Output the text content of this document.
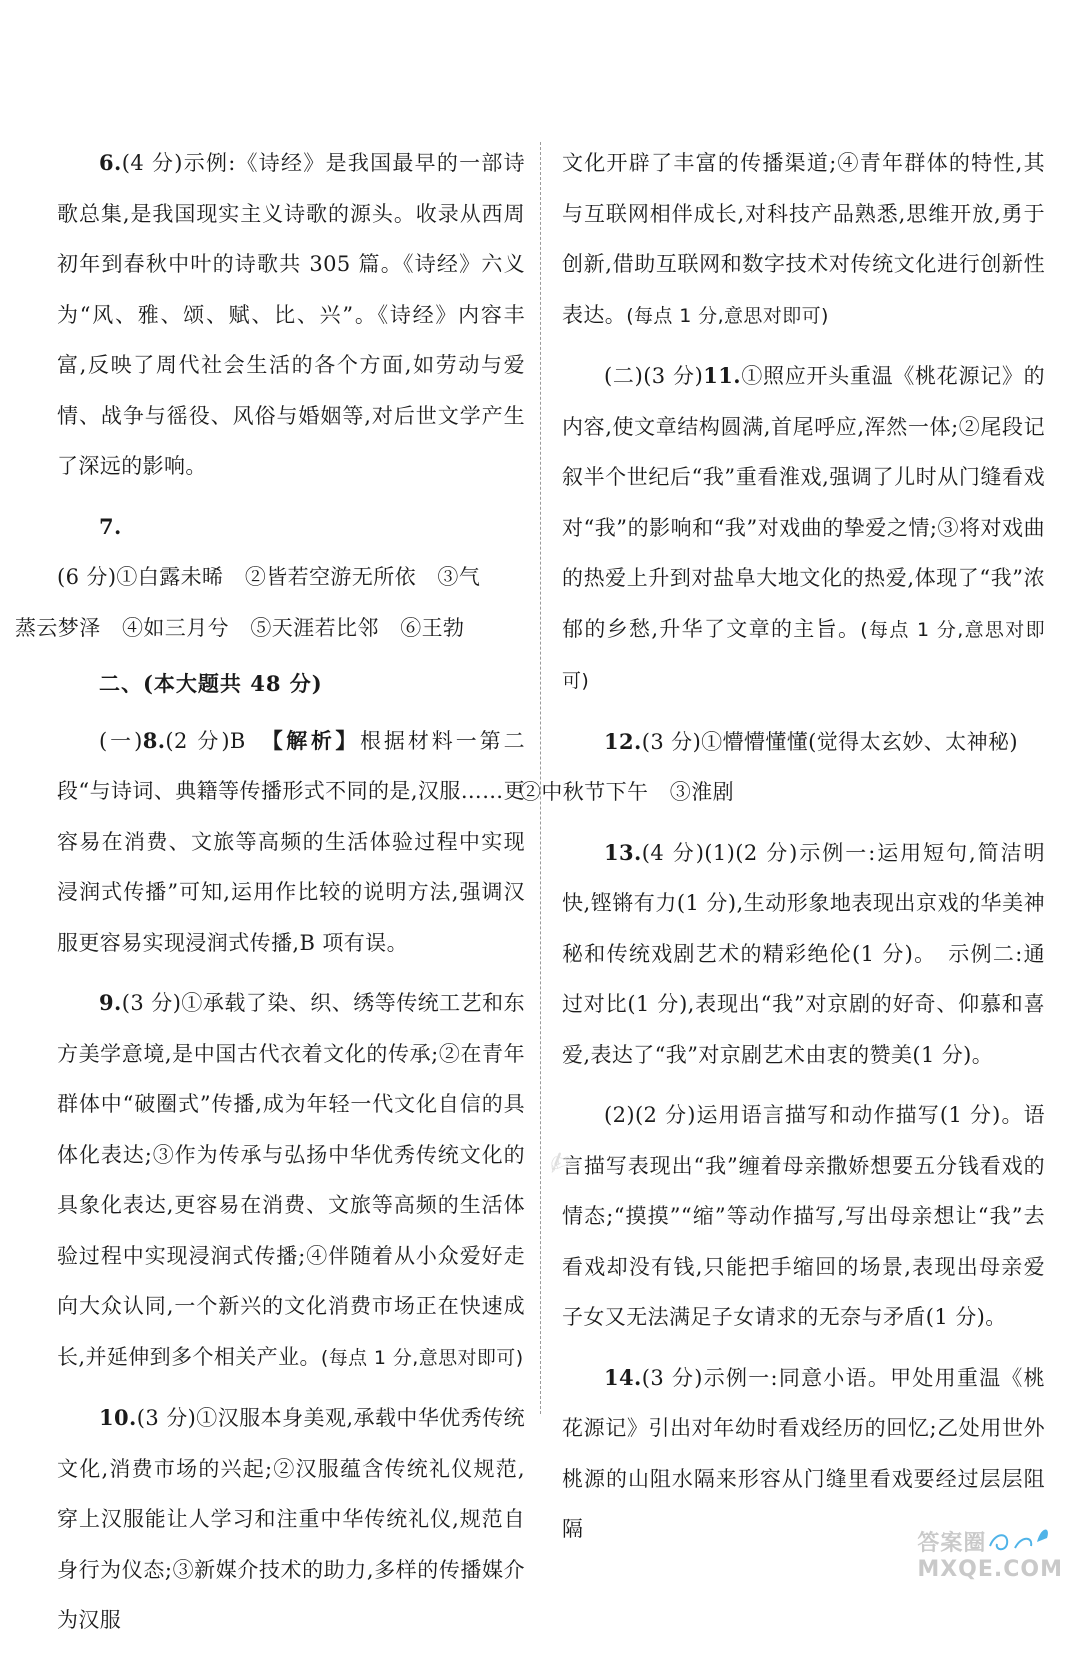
6.(4 分)示例:《诗经》是我国最早的一部诗歌总集,是我国现实主义诗歌的源头。收录从西周初年到春秋中叶的诗歌共 305 篇。《诗经》六义为“风、雅、颂、赋、比、兴”。《诗经》内容丰富,反映了周代社会生活的各个方面,如劳动与爱情、战争与徭役、风俗与婚姻等,对后世文学产生了深远的影响。

7.(6 分)①白露未晞　②皆若空游无所依　③气
蒸云梦泽　④如三月兮　⑤天涯若比邻　⑥王勃

二、(本大题共 48 分)

(一)8.(2 分)B　【解析】根据材料一第二段“与诗词、典籍等传播形式不同的是,汉服……更容易在消费、文旅等高频的生活体验过程中实现浸润式传播”可知,运用作比较的说明方法,强调汉服更容易实现浸润式传播,B 项有误。

9.(3 分)①承载了染、织、绣等传统工艺和东方美学意境,是中国古代衣着文化的传承;②在青年群体中“破圈式”传播,成为年轻一代文化自信的具体化表达;③作为传承与弘扬中华优秀传统文化的具象化表达,更容易在消费、文旅等高频的生活体验过程中实现浸润式传播;④伴随着从小众爱好走向大众认同,一个新兴的文化消费市场正在快速成长,并延伸到多个相关产业。(每点 1 分,意思对即可)

10.(3 分)①汉服本身美观,承载中华优秀传统文化,消费市场的兴起;②汉服蕴含传统礼仪规范,穿上汉服能让人学习和注重中华传统礼仪,规范自身行为仪态;③新媒介技术的助力,多样的传播媒介为汉服

文化开辟了丰富的传播渠道;④青年群体的特性,其与互联网相伴成长,对科技产品熟悉,思维开放,勇于创新,借助互联网和数字技术对传统文化进行创新性表达。(每点 1 分,意思对即可)

(二)(3 分)11.①照应开头重温《桃花源记》的内容,使文章结构圆满,首尾呼应,浑然一体;②尾段记叙半个世纪后“我”重看淮戏,强调了儿时从门缝看戏对“我”的影响和“我”对戏曲的挚爱之情;③将对戏曲的热爱上升到对盐阜大地文化的热爱,体现了“我”浓郁的乡愁,升华了文章的主旨。(每点 1 分,意思对即可)

12.(3 分)①懵懵懂懂(觉得太玄妙、太神秘)
②中秋节下午　③淮剧

13.(4 分)(1)(2 分)示例一:运用短句,简洁明快,铿锵有力(1 分),生动形象地表现出京戏的华美神秘和传统戏剧艺术的精彩绝伦(1 分)。　示例二:通过对比(1 分),表现出“我”对京剧的好奇、仰慕和喜爱,表达了“我”对京剧艺术由衷的赞美(1 分)。

(2)(2 分)运用语言描写和动作描写(1 分)。语言描写表现出“我”缠着母亲撒娇想要五分钱看戏的情态;“摸摸”“缩”等动作描写,写出母亲想让“我”去看戏却没有钱,只能把手缩回的场景,表现出母亲爱子女又无法满足子女请求的无奈与矛盾(1 分)。

14.(3 分)示例一:同意小语。甲处用重温《桃花源记》引出对年幼时看戏经历的回忆;乙处用世外桃源的山阻水隔来形容从门缝里看戏要经过层层阻隔

✍
答案圈
MXQE.COM
